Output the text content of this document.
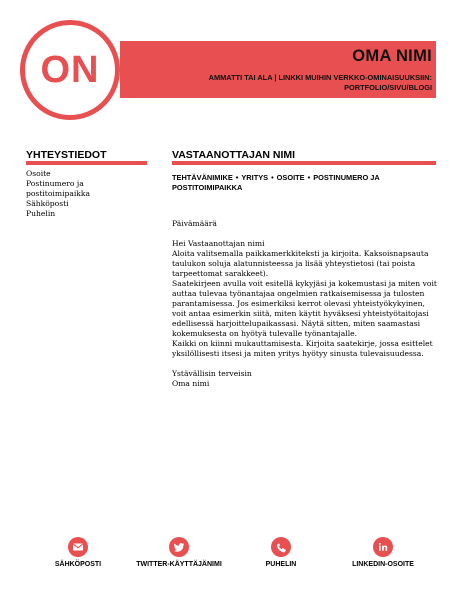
OMA NIMI
AMMATTI TAI ALA | LINKKI MUIHIN VERKKO-OMINAISUUKSIIN:
PORTFOLIO/SIVU/BLOGI
ON
YHTEYSTIEDOT
Osoite
Postinumero ja postitoimipaikka
Sähköposti
Puhelin
VASTAANOTTAJAN NIMI
TEHTÄVÄNIMIKE • YRITYS • OSOITE • POSTINUMERO JA POSTITOIMIPAIKKA

Päivämäärä

Hei Vastaanottajan nimi

Aloita valitsemalla paikkamerkkiteksti ja kirjoita. Kaksoisnapsauta taulukon soluja alatunnisteessa ja lisää yhteystietosi (tai poista tarpeettomat sarakkeet).

Saatekirjeen avulla voit esitellä kykyjäsi ja kokemustasi ja miten voit auttaa tulevaa työnantajaa ongelmien ratkaisemisessa ja tulosten parantamisessa. Jos esimerkiksi kerrot olevasi yhteistyökykyinen, voit antaa esimerkin siitä, miten käytit hyväksesi yhteistyötaitojasi edellisessä harjoittelupaikassasi. Näytä sitten, miten saamastasi kokemuksesta on hyötyä tulevalle työnantajalle.

Kaikki on kiinni mukauttamisesta. Kirjoita saatekirje, jossa esittelet yksilöllisesti itsesi ja miten yritys hyötyy sinusta tulevaisuudessa.

Ystävällisin terveisin

Oma nimi

SÄHKÖPOSTI	TWITTER-KÄYTTÄJÄNIMI	PUHELIN	LINKEDIN-OSOITE
